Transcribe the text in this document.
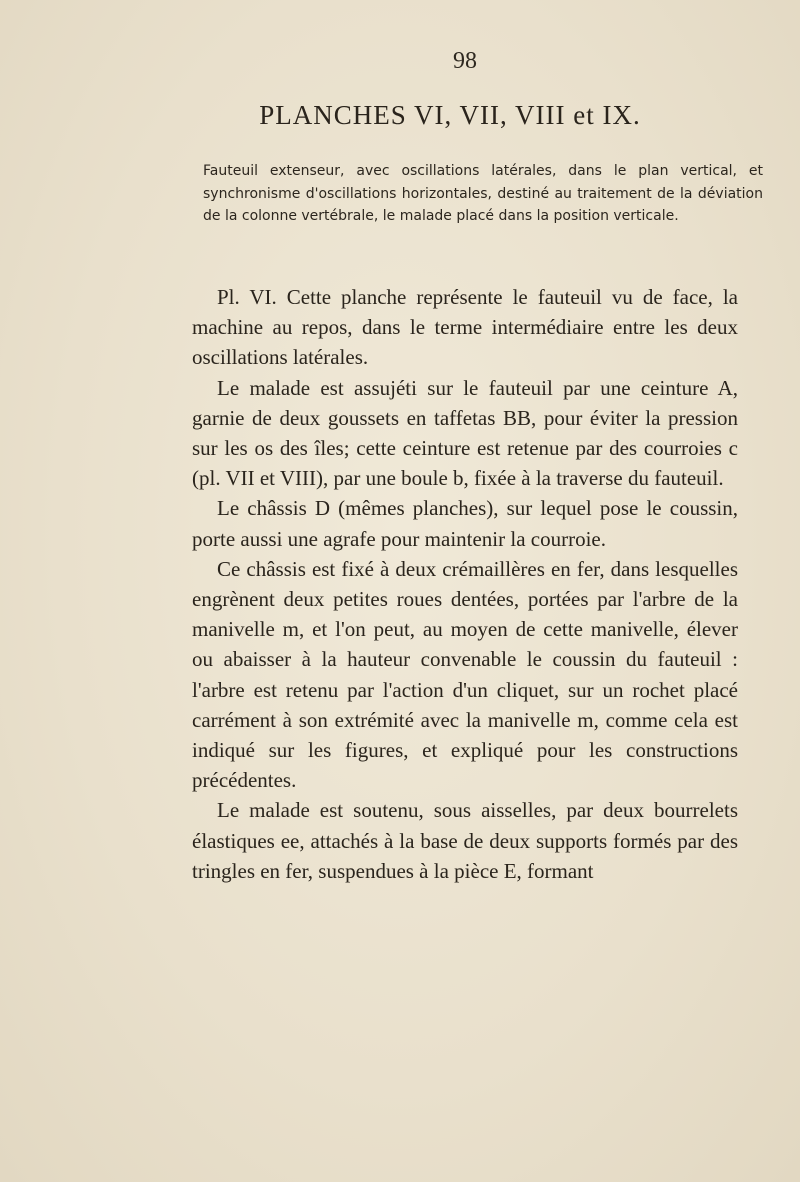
98
PLANCHES VI, VII, VIII et IX.
Fauteuil extenseur, avec oscillations latérales, dans le plan vertical, et synchronisme d'oscillations horizontales, destiné au traitement de la déviation de la colonne vertébrale, le malade placé dans la position verticale.

Pl. VI. Cette planche représente le fauteuil vu de face, la machine au repos, dans le terme intermédiaire entre les deux oscillations latérales.

Le malade est assujéti sur le fauteuil par une ceinture A, garnie de deux goussets en taffetas BB, pour éviter la pression sur les os des îles; cette ceinture est retenue par des courroies c (pl. VII et VIII), par une boule b, fixée à la traverse du fauteuil.

Le châssis D (mêmes planches), sur lequel pose le coussin, porte aussi une agrafe pour maintenir la courroie.

Ce châssis est fixé à deux crémaillères en fer, dans lesquelles engrènent deux petites roues dentées, portées par l'arbre de la manivelle m, et l'on peut, au moyen de cette manivelle, élever ou abaisser à la hauteur convenable le coussin du fauteuil : l'arbre est retenu par l'action d'un cliquet, sur un rochet placé carrément à son extrémité avec la manivelle m, comme cela est indiqué sur les figures, et expliqué pour les constructions précédentes.

Le malade est soutenu, sous aisselles, par deux bourrelets élastiques ee, attachés à la base de deux supports formés par des tringles en fer, suspendues à la pièce E, formant
